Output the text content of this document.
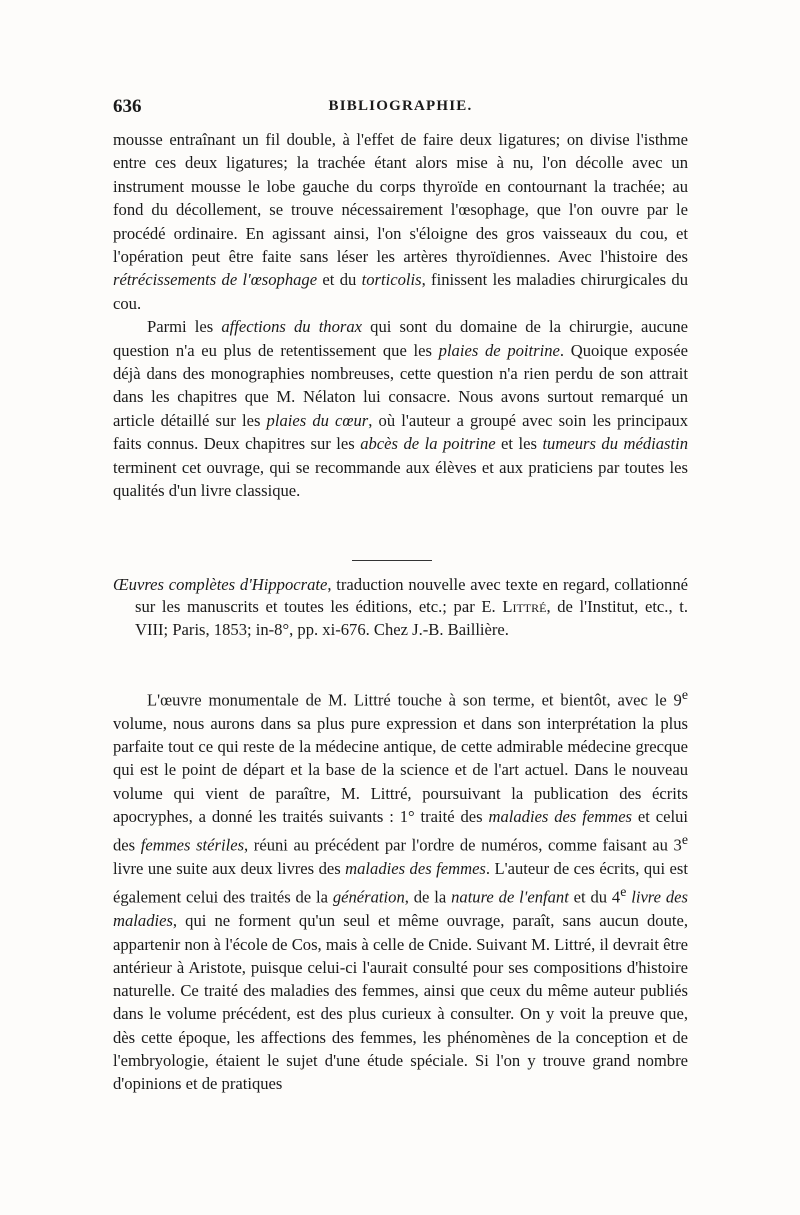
636	BIBLIOGRAPHIE.

mousse entraînant un fil double, à l'effet de faire deux ligatures; on divise l'isthme entre ces deux ligatures; la trachée étant alors mise à nu, l'on décolle avec un instrument mousse le lobe gauche du corps thyroïde en contournant la trachée; au fond du décollement, se trouve nécessairement l'œsophage, que l'on ouvre par le procédé ordinaire. En agissant ainsi, l'on s'éloigne des gros vaisseaux du cou, et l'opération peut être faite sans léser les artères thyroïdiennes. Avec l'histoire des rétrécissements de l'œsophage et du torticolis, finissent les maladies chirurgicales du cou.

Parmi les affections du thorax qui sont du domaine de la chirurgie, aucune question n'a eu plus de retentissement que les plaies de poitrine. Quoique exposée déjà dans des monographies nombreuses, cette question n'a rien perdu de son attrait dans les chapitres que M. Nélaton lui consacre. Nous avons surtout remarqué un article détaillé sur les plaies du cœur, où l'auteur a groupé avec soin les principaux faits connus. Deux chapitres sur les abcès de la poitrine et les tumeurs du médiastin terminent cet ouvrage, qui se recommande aux élèves et aux praticiens par toutes les qualités d'un livre classique.

Œuvres complètes d'Hippocrate, traduction nouvelle avec texte en regard, collationné sur les manuscrits et toutes les éditions, etc.; par E. Littré, de l'Institut, etc., t. VIII; Paris, 1853; in-8°, pp. xi-676. Chez J.-B. Baillière.

L'œuvre monumentale de M. Littré touche à son terme, et bientôt, avec le 9e volume, nous aurons dans sa plus pure expression et dans son interprétation la plus parfaite tout ce qui reste de la médecine antique, de cette admirable médecine grecque qui est le point de départ et la base de la science et de l'art actuel. Dans le nouveau volume qui vient de paraître, M. Littré, poursuivant la publication des écrits apocryphes, a donné les traités suivants : 1° traité des maladies des femmes et celui des femmes stériles, réuni au précédent par l'ordre de numéros, comme faisant au 3e livre une suite aux deux livres des maladies des femmes. L'auteur de ces écrits, qui est également celui des traités de la génération, de la nature de l'enfant et du 4e livre des maladies, qui ne forment qu'un seul et même ouvrage, paraît, sans aucun doute, appartenir non à l'école de Cos, mais à celle de Cnide. Suivant M. Littré, il devrait être antérieur à Aristote, puisque celui-ci l'aurait consulté pour ses compositions d'histoire naturelle. Ce traité des maladies des femmes, ainsi que ceux du même auteur publiés dans le volume précédent, est des plus curieux à consulter. On y voit la preuve que, dès cette époque, les affections des femmes, les phénomènes de la conception et de l'embryologie, étaient le sujet d'une étude spéciale. Si l'on y trouve grand nombre d'opinions et de pratiques
